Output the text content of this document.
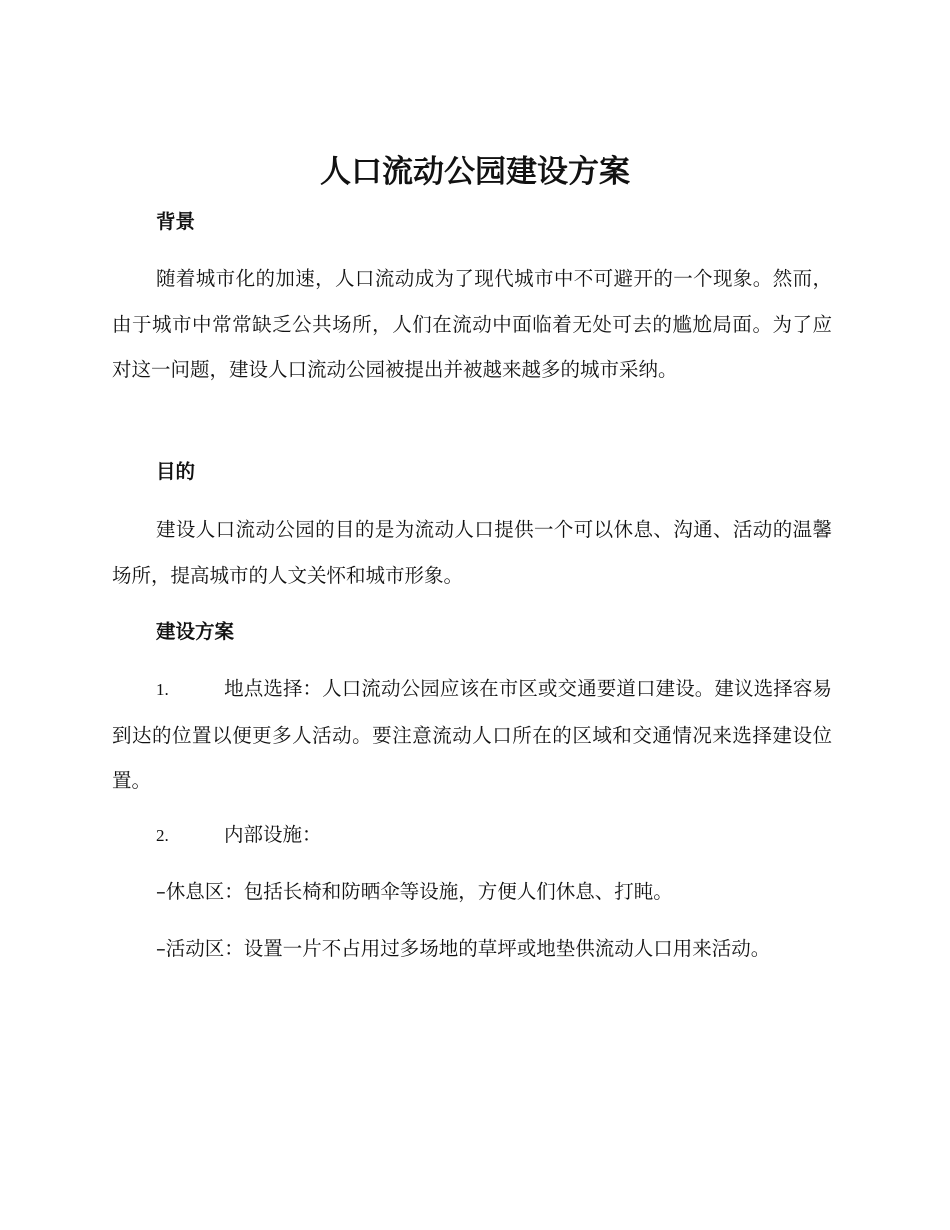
人口流动公园建设方案
背景

随着城市化的加速，人口流动成为了现代城市中不可避开的一个现象。然而，由于城市中常常缺乏公共场所，人们在流动中面临着无处可去的尴尬局面。为了应对这一问题，建设人口流动公园被提出并被越来越多的城市采纳。

目的

建设人口流动公园的目的是为流动人口提供一个可以休息、沟通、活动的温馨场所，提高城市的人文关怀和城市形象。

建设方案

1.	地点选择：人口流动公园应该在市区或交通要道口建设。建议选择容易到达的位置以便更多人活动。要注意流动人口所在的区域和交通情况来选择建设位置。

2.	内部设施：

–休息区：包括长椅和防晒伞等设施，方便人们休息、打盹。

–活动区：设置一片不占用过多场地的草坪或地垫供流动人口用来活动。
